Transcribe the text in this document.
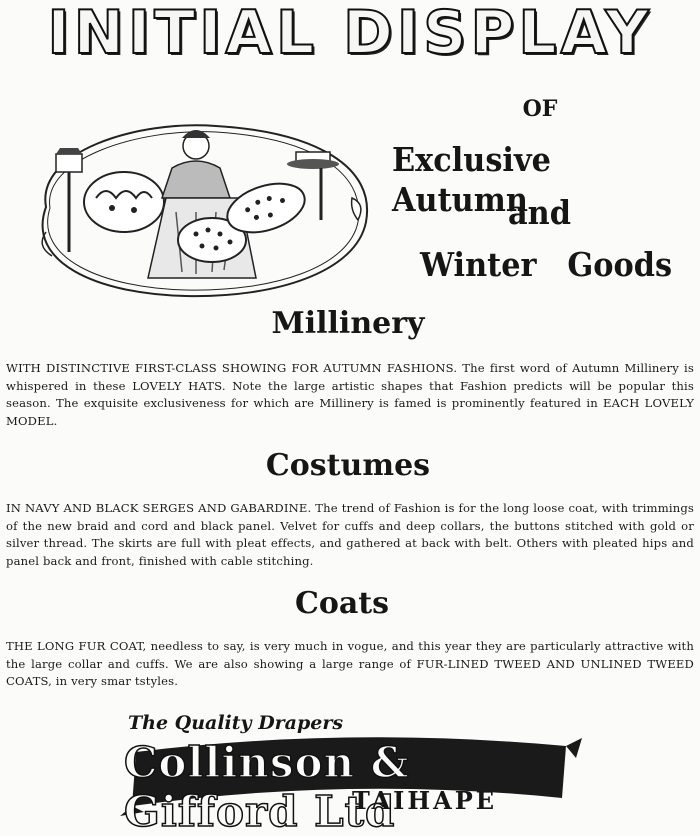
INITIAL DISPLAY
OF
Exclusive Autumn
and
Winter Goods
Millinery
WITH DISTINCTIVE FIRST-CLASS SHOWING FOR AUTUMN FASHIONS. The first word of Autumn Millinery is whispered in these LOVELY HATS. Note the large artistic shapes that Fashion predicts will be popular this season. The exquisite exclusiveness for which are Millinery is famed is prominently featured in EACH LOVELY MODEL.
Costumes
IN NAVY AND BLACK SERGES AND GABARDINE. The trend of Fashion is for the long loose coat, with trimmings of the new braid and cord and black panel. Velvet for cuffs and deep collars, the buttons stitched with gold or silver thread. The skirts are full with pleat effects, and gathered at back with belt. Others with pleated hips and panel back and front, finished with cable stitching.
Coats
THE LONG FUR COAT, needless to say, is very much in vogue, and this year they are particularly attractive with the large collar and cuffs. We are also showing a large range of FUR-LINED TWEED AND UNLINED TWEED COATS, in very smar tstyles.
The Quality Drapers
Collinson & Gifford Ltd
TAIHAPE
